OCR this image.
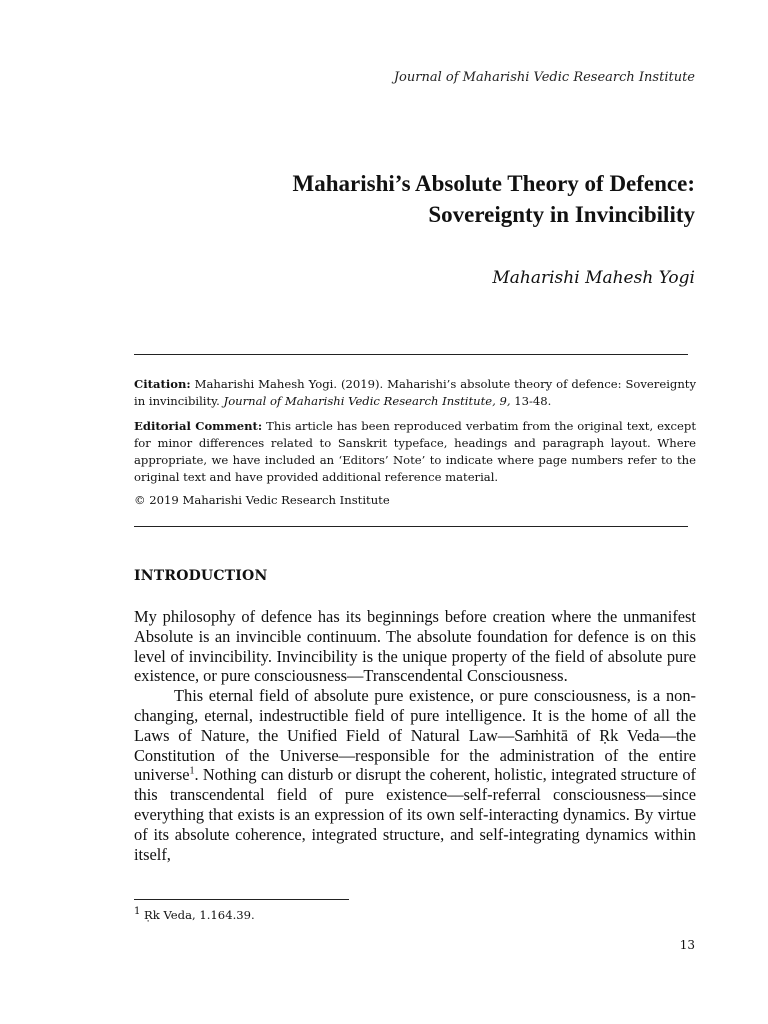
Journal of Maharishi Vedic Research Institute
Maharishi’s Absolute Theory of Defence:
Sovereignty in Invincibility
Maharishi Mahesh Yogi
Citation: Maharishi Mahesh Yogi. (2019). Maharishi’s absolute theory of defence: Sovereignty in invincibility. Journal of Maharishi Vedic Research Institute, 9, 13-48.
Editorial Comment: This article has been reproduced verbatim from the original text, except for minor differences related to Sanskrit typeface, headings and paragraph layout. Where appropriate, we have included an ‘Editors’ Note’ to indicate where page numbers refer to the original text and have provided additional reference material.
© 2019 Maharishi Vedic Research Institute
INTRODUCTION

My philosophy of defence has its beginnings before creation where the unmanifest Absolute is an invincible continuum. The absolute foundation for defence is on this level of invincibility. Invincibility is the unique property of the field of absolute pure existence, or pure consciousness—Transcendental Consciousness.

This eternal field of absolute pure existence, or pure consciousness, is a non-changing, eternal, indestructible field of pure intelligence. It is the home of all the Laws of Nature, the Unified Field of Natural Law—Saṁhitā of Ṛk Veda—the Constitution of the Universe—responsible for the administration of the entire universe$^1$. Nothing can disturb or disrupt the coherent, holistic, integrated structure of this transcendental field of pure existence—self-referral consciousness—since everything that exists is an expression of its own self-interacting dynamics. By virtue of its absolute coherence, integrated structure, and self-integrating dynamics within itself,

$^1$ Ṛk Veda, 1.164.39.
13
